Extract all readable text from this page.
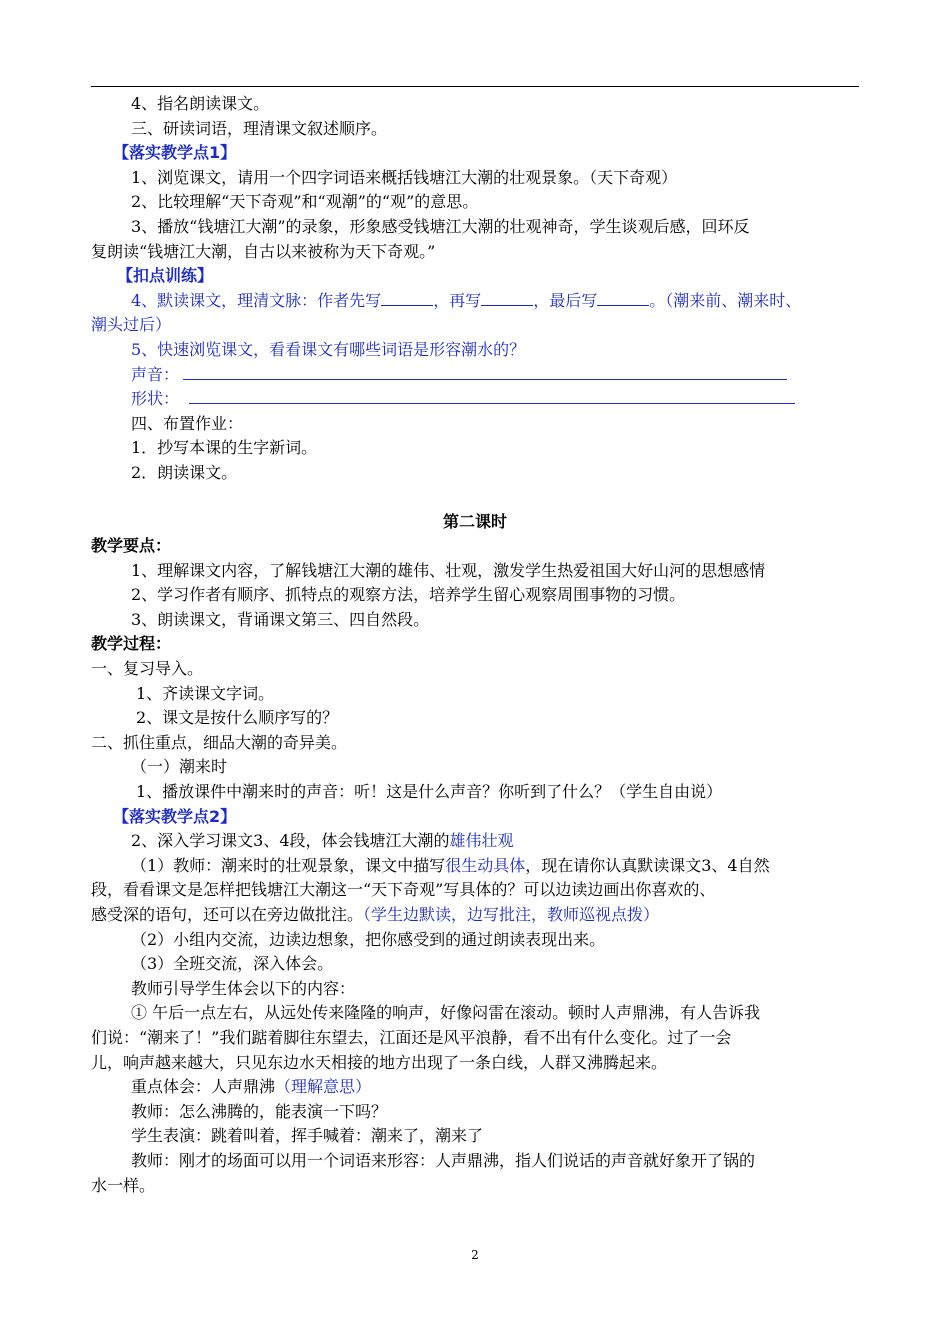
4、指名朗读课文。
三、研读词语，理清课文叙述顺序。
【落实教学点1】
1、浏览课文，请用一个四字词语来概括钱塘江大潮的壮观景象。（天下奇观）
2、比较理解“天下奇观”和“观潮”的“观”的意思。
3、播放“钱塘江大潮”的录象，形象感受钱塘江大潮的壮观神奇，学生谈观后感，回环反
复朗读“钱塘江大潮，自古以来被称为天下奇观。”
【扣点训练】
4、默读课文，理清文脉：作者先写	，再写	，最后写	。（潮来前、潮来时、
潮头过后）
5、快速浏览课文，看看课文有哪些词语是形容潮水的？
声音：
形状：
四、布置作业：
1．抄写本课的生字新词。
2．朗读课文。
第二课时
教学要点：
1、理解课文内容，了解钱塘江大潮的雄伟、壮观，激发学生热爱祖国大好山河的思想感情
2、学习作者有顺序、抓特点的观察方法，培养学生留心观察周围事物的习惯。
3、朗读课文，背诵课文第三、四自然段。
教学过程：
一、复习导入。
1、齐读课文字词。
2、课文是按什么顺序写的？
二、抓住重点，细品大潮的奇异美。
（一）潮来时
1、播放课件中潮来时的声音：听！这是什么声音？你听到了什么？（学生自由说）
【落实教学点2】
2、深入学习课文3、4段，体会钱塘江大潮的雄伟壮观
（1）教师：潮来时的壮观景象，课文中描写很生动具体，现在请你认真默读课文3、4自然
段，看看课文是怎样把钱塘江大潮这一“天下奇观”写具体的？可以边读边画出你喜欢的、
感受深的语句，还可以在旁边做批注。（学生边默读，边写批注，教师巡视点拨）
（2）小组内交流，边读边想象，把你感受到的通过朗读表现出来。
（3）全班交流，深入体会。
教师引导学生体会以下的内容：
① 午后一点左右，从远处传来隆隆的响声，好像闷雷在滚动。顿时人声鼎沸，有人告诉我
们说：“潮来了！”我们踮着脚往东望去，江面还是风平浪静，看不出有什么变化。过了一会
儿，响声越来越大，只见东边水天相接的地方出现了一条白线，人群又沸腾起来。
重点体会：人声鼎沸（理解意思）
教师：怎么沸腾的，能表演一下吗？
学生表演：跳着叫着，挥手喊着：潮来了，潮来了
教师：刚才的场面可以用一个词语来形容：人声鼎沸，指人们说话的声音就好象开了锅的
水一样。
2
